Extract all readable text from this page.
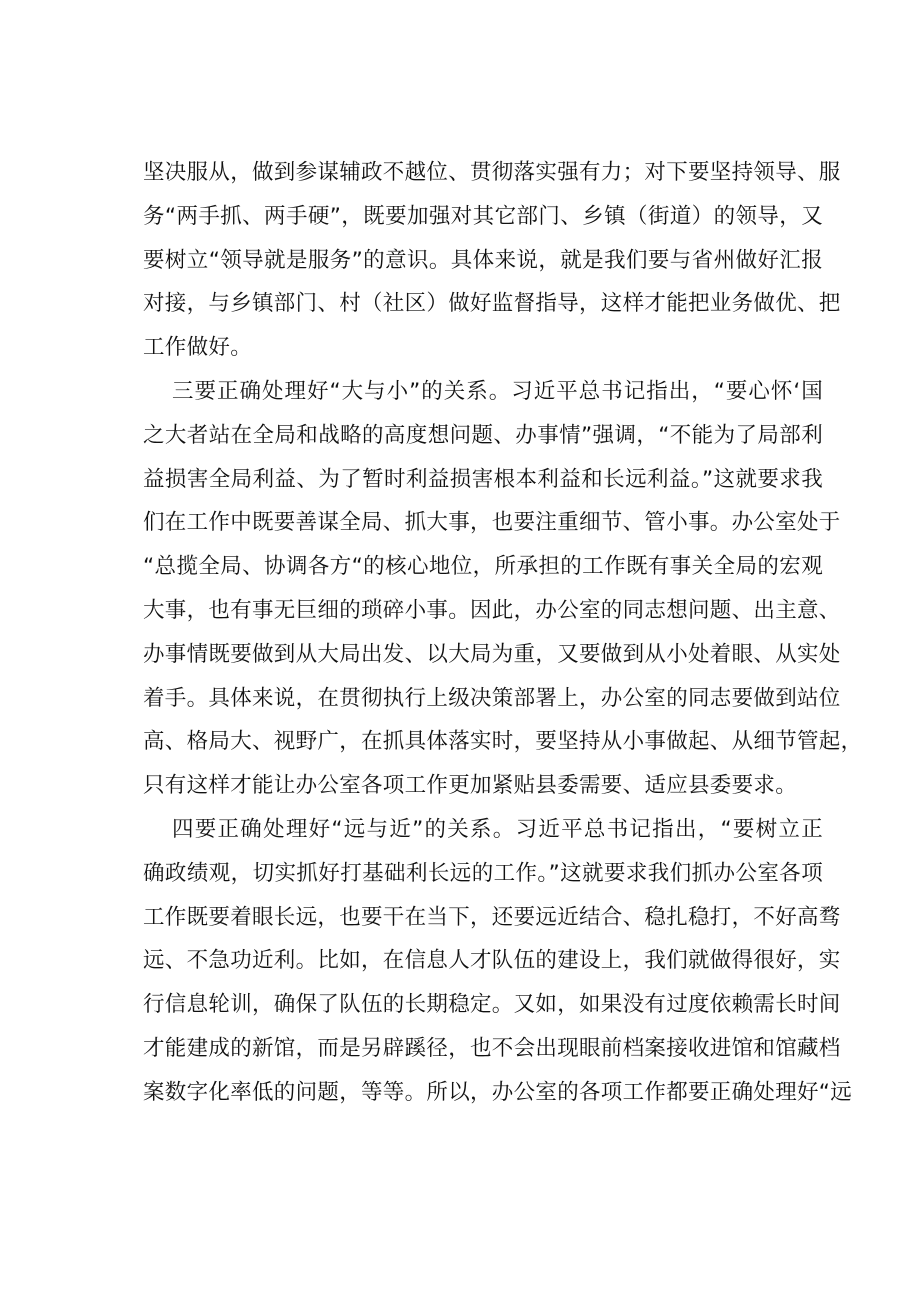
坚决服从，做到参谋辅政不越位、贯彻落实强有力；对下要坚持领导、服
务“两手抓、两手硬”，既要加强对其它部门、乡镇（街道）的领导，又
要树立“领导就是服务”的意识。具体来说，就是我们要与省州做好汇报
对接，与乡镇部门、村（社区）做好监督指导，这样才能把业务做优、把
工作做好。
三要正确处理好“大与小”的关系。习近平总书记指出，“要心怀‘国
之大者站在全局和战略的高度想问题、办事情”强调，“不能为了局部利
益损害全局利益、为了暂时利益损害根本利益和长远利益。”这就要求我
们在工作中既要善谋全局、抓大事，也要注重细节、管小事。办公室处于
“总揽全局、协调各方“的核心地位，所承担的工作既有事关全局的宏观
大事，也有事无巨细的琐碎小事。因此，办公室的同志想问题、出主意、
办事情既要做到从大局出发、以大局为重，又要做到从小处着眼、从实处
着手。具体来说，在贯彻执行上级决策部署上，办公室的同志要做到站位
高、格局大、视野广，在抓具体落实时，要坚持从小事做起、从细节管起，
只有这样才能让办公室各项工作更加紧贴县委需要、适应县委要求。
四要正确处理好“远与近”的关系。习近平总书记指出，“要树立正
确政绩观，切实抓好打基础利长远的工作。”这就要求我们抓办公室各项
工作既要着眼长远，也要干在当下，还要远近结合、稳扎稳打，不好高骛
远、不急功近利。比如，在信息人才队伍的建设上，我们就做得很好，实
行信息轮训，确保了队伍的长期稳定。又如，如果没有过度依赖需长时间
才能建成的新馆，而是另辟蹊径，也不会出现眼前档案接收进馆和馆藏档
案数字化率低的问题，等等。所以，办公室的各项工作都要正确处理好“远
